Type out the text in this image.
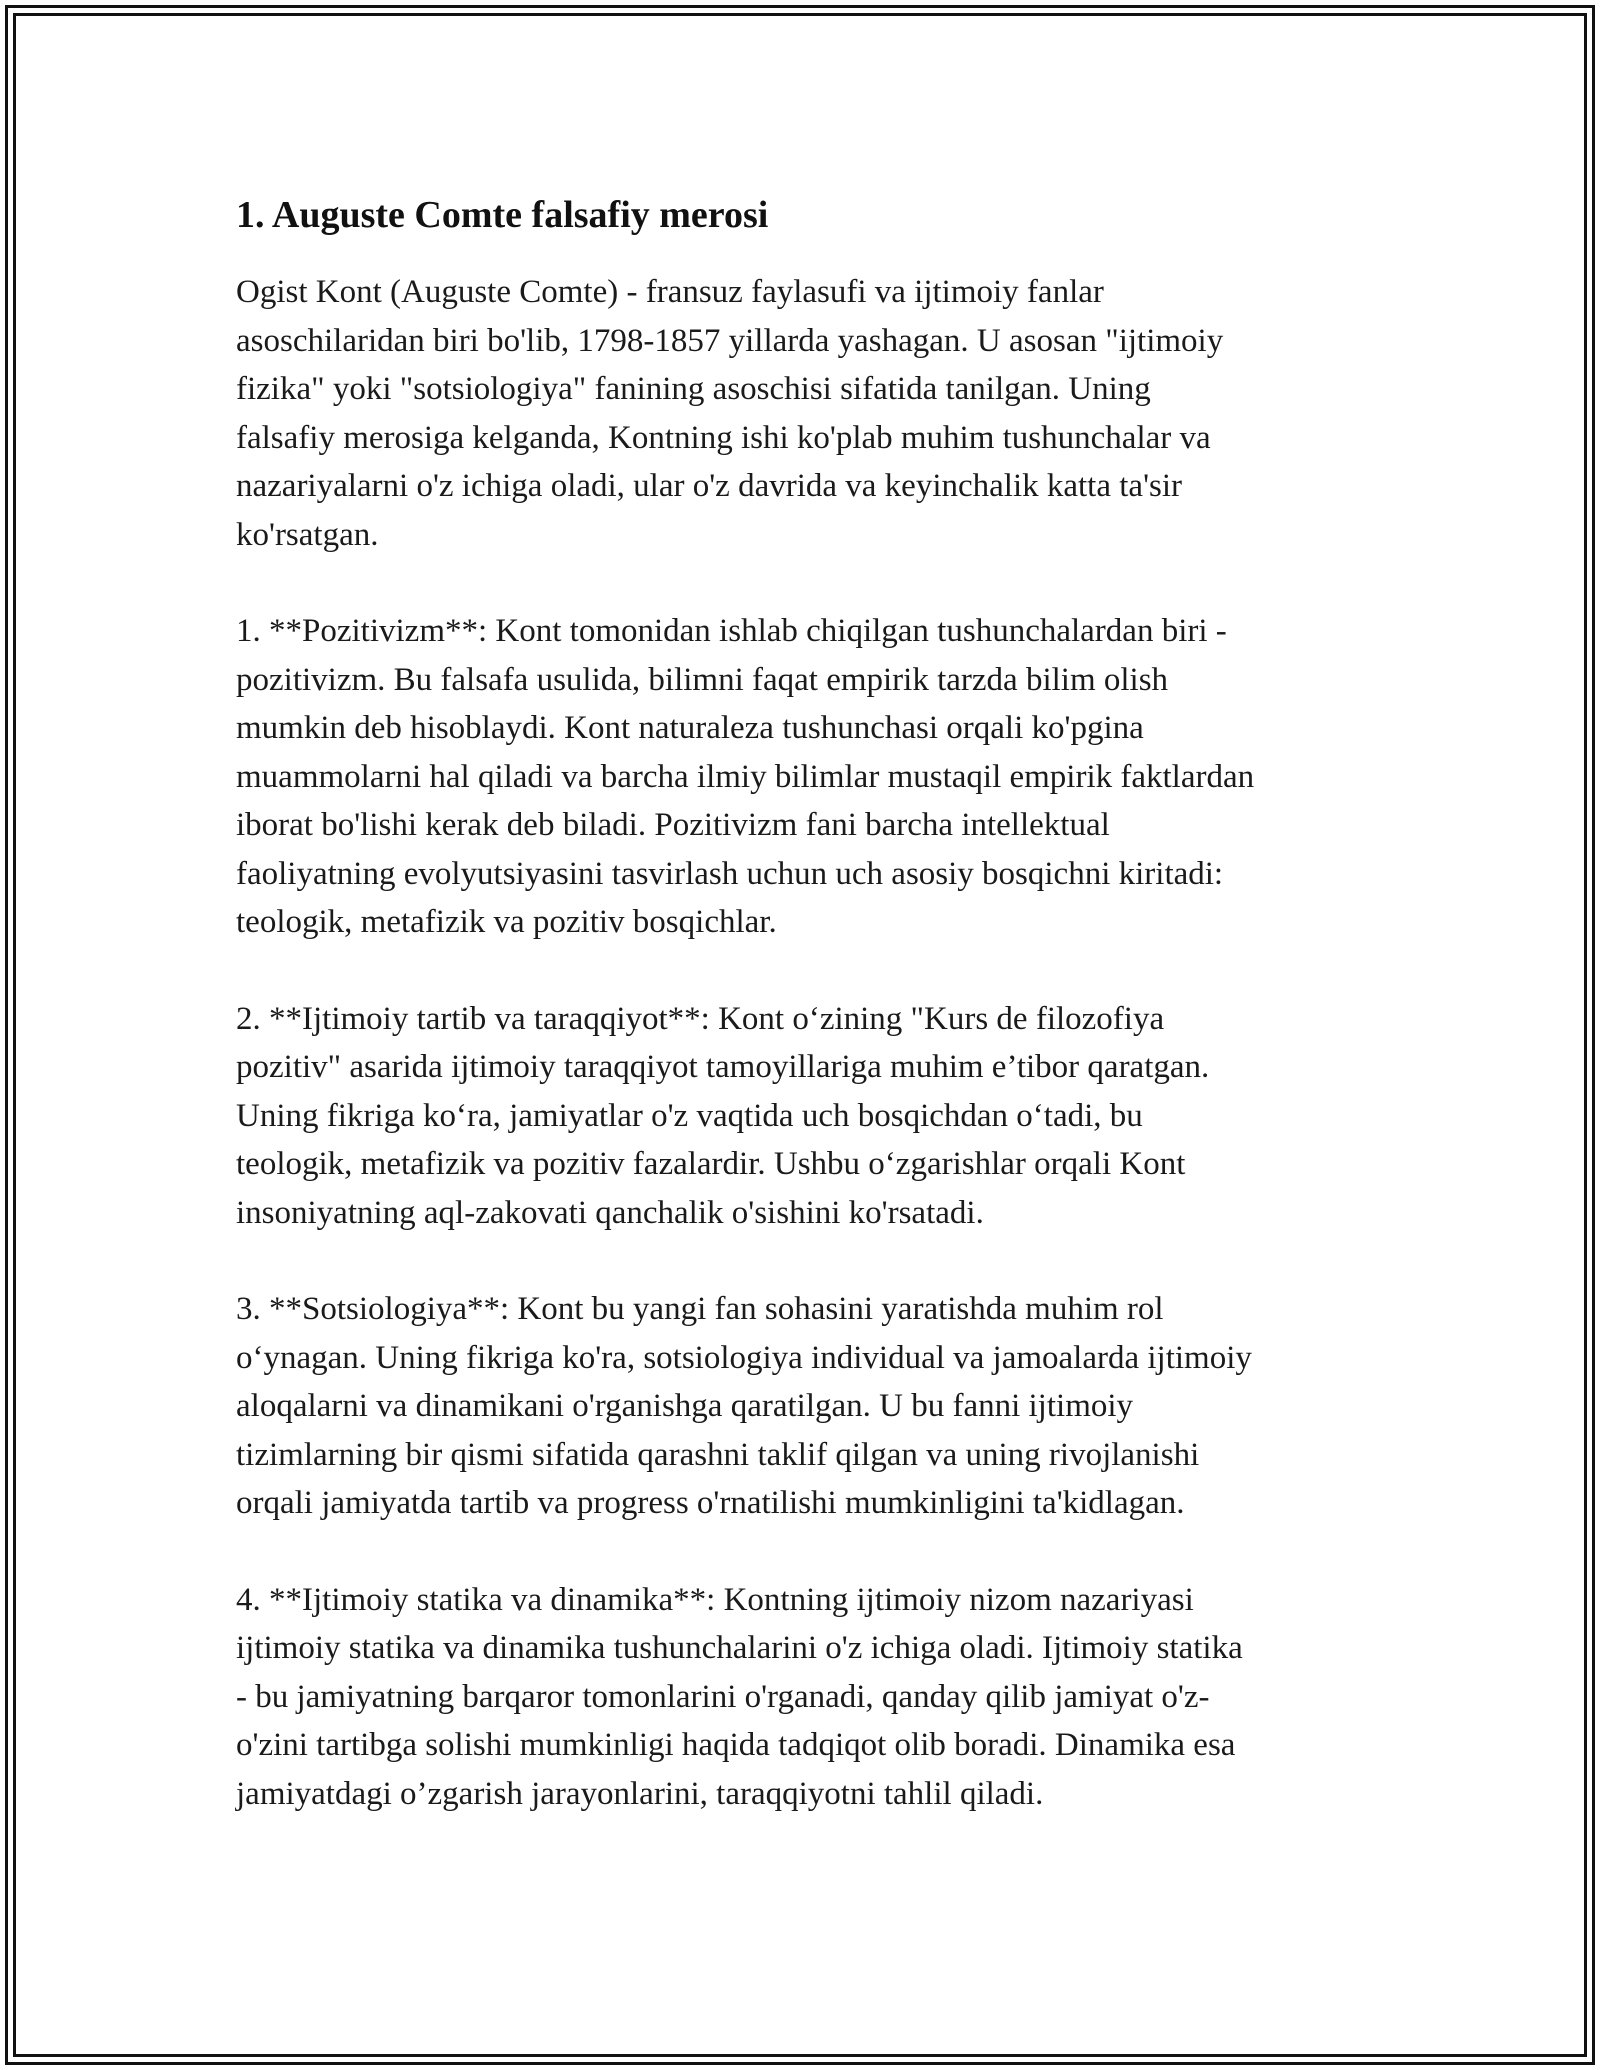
1. Auguste Comte falsafiy merosi

Ogist Kont (Auguste Comte) - fransuz faylasufi va ijtimoiy fanlar
asoschilaridan biri bo'lib, 1798-1857 yillarda yashagan. U asosan "ijtimoiy
fizika" yoki "sotsiologiya" fanining asoschisi sifatida tanilgan. Uning
falsafiy merosiga kelganda, Kontning ishi ko'plab muhim tushunchalar va
nazariyalarni o'z ichiga oladi, ular o'z davrida va keyinchalik katta ta'sir
ko'rsatgan.

1. **Pozitivizm**: Kont tomonidan ishlab chiqilgan tushunchalardan biri -
pozitivizm. Bu falsafa usulida, bilimni faqat empirik tarzda bilim olish
mumkin deb hisoblaydi. Kont naturaleza tushunchasi orqali ko'pgina
muammolarni hal qiladi va barcha ilmiy bilimlar mustaqil empirik faktlardan
iborat bo'lishi kerak deb biladi. Pozitivizm fani barcha intellektual
faoliyatning evolyutsiyasini tasvirlash uchun uch asosiy bosqichni kiritadi:
teologik, metafizik va pozitiv bosqichlar.

2. **Ijtimoiy tartib va taraqqiyot**: Kont o‘zining "Kurs de filozofiya
pozitiv" asarida ijtimoiy taraqqiyot tamoyillariga muhim e’tibor qaratgan.
Uning fikriga ko‘ra, jamiyatlar o'z vaqtida uch bosqichdan o‘tadi, bu
teologik, metafizik va pozitiv fazalardir. Ushbu o‘zgarishlar orqali Kont
insoniyatning aql-zakovati qanchalik o'sishini ko'rsatadi.

3. **Sotsiologiya**: Kont bu yangi fan sohasini yaratishda muhim rol
o‘ynagan. Uning fikriga ko'ra, sotsiologiya individual va jamoalarda ijtimoiy
aloqalarni va dinamikani o'rganishga qaratilgan. U bu fanni ijtimoiy
tizimlarning bir qismi sifatida qarashni taklif qilgan va uning rivojlanishi
orqali jamiyatda tartib va progress o'rnatilishi mumkinligini ta'kidlagan.

4. **Ijtimoiy statika va dinamika**: Kontning ijtimoiy nizom nazariyasi
ijtimoiy statika va dinamika tushunchalarini o'z ichiga oladi. Ijtimoiy statika
- bu jamiyatning barqaror tomonlarini o'rganadi, qanday qilib jamiyat o'z-
o'zini tartibga solishi mumkinligi haqida tadqiqot olib boradi. Dinamika esa
jamiyatdagi o’zgarish jarayonlarini, taraqqiyotni tahlil qiladi.
